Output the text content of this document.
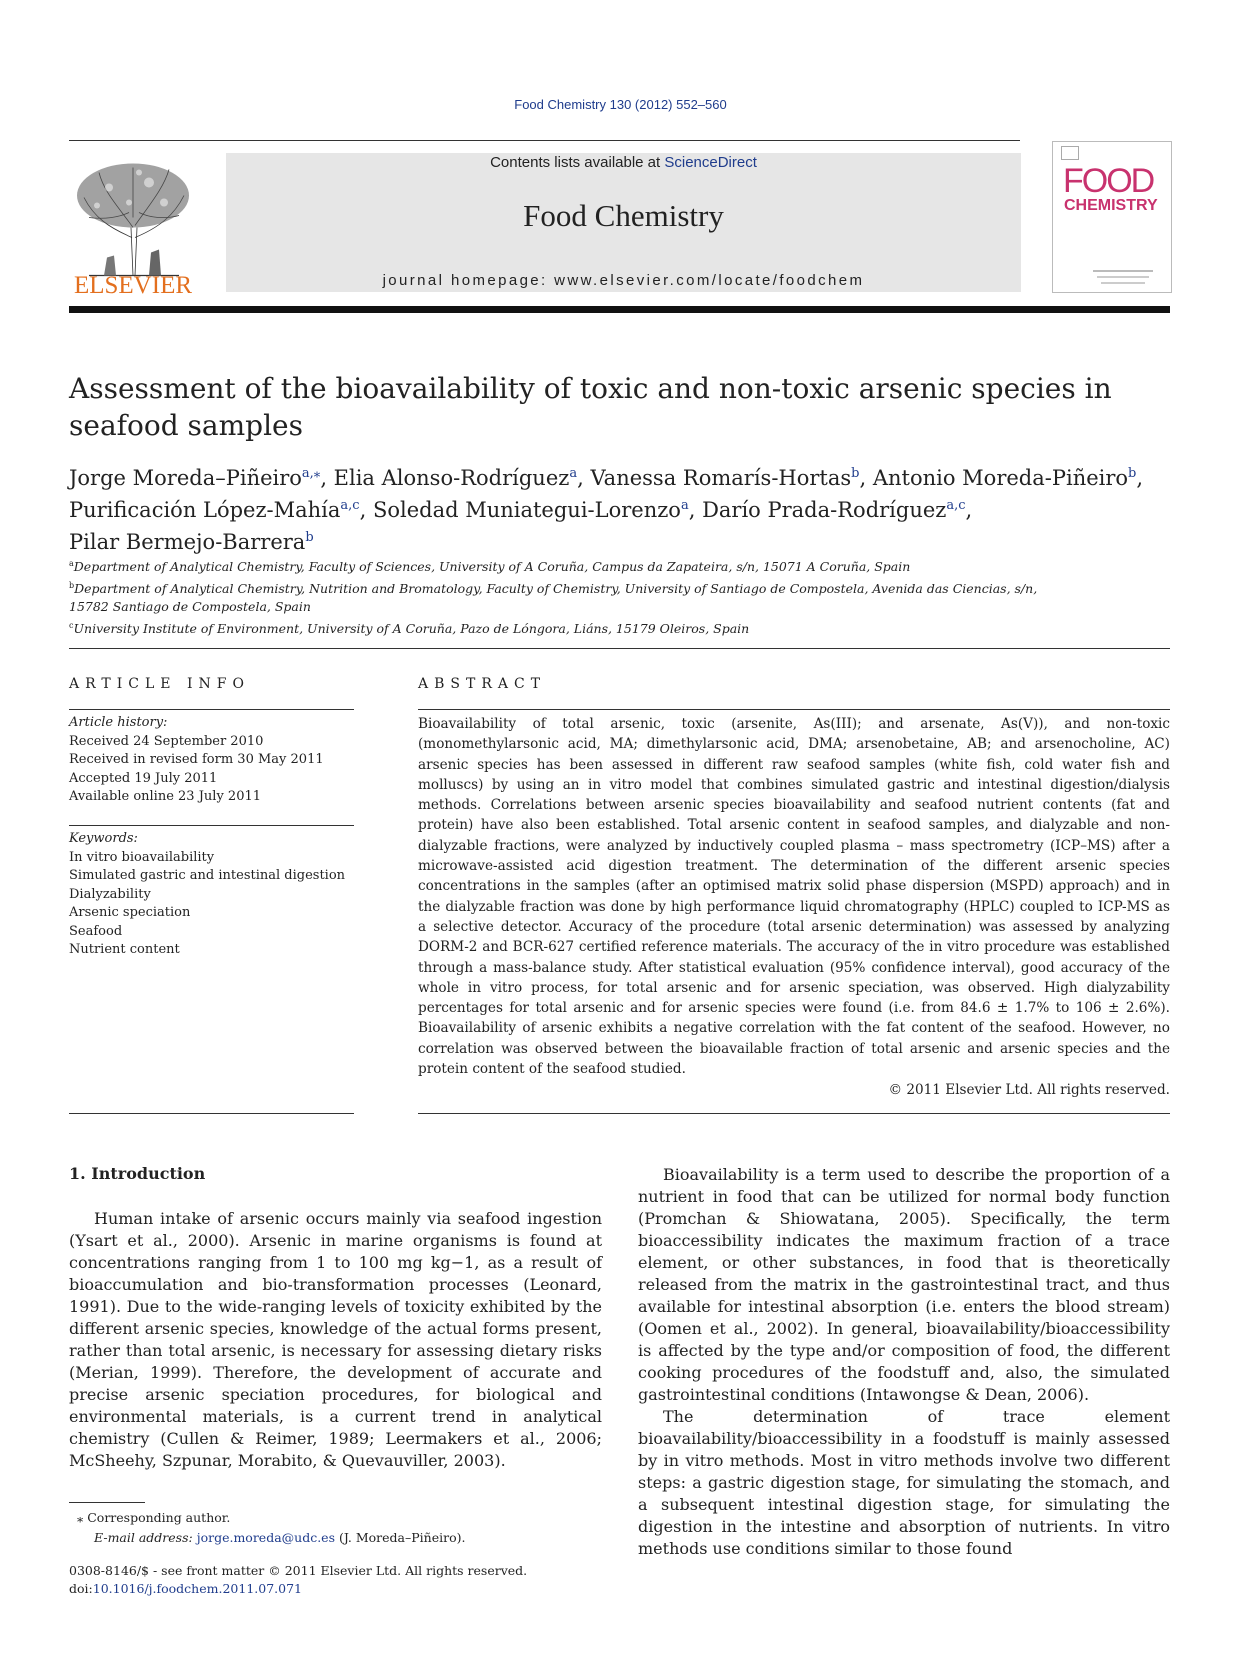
Food Chemistry 130 (2012) 552–560
ELSEVIER
Contents lists available at ScienceDirect
Food Chemistry
journal homepage: www.elsevier.com/locate/foodchem
FOOD
CHEMISTRY
Assessment of the bioavailability of toxic and non-toxic arsenic species in seafood samples
Jorge Moreda–Piñeiro$^{a,⁎}$, Elia Alonso-Rodríguez$^a$, Vanessa Romarís-Hortas$^b$, Antonio Moreda-Piñeiro$^b$,
Purificación López-Mahía$^{a,c}$, Soledad Muniategui-Lorenzo$^a$, Darío Prada-Rodríguez$^{a,c}$,
Pilar Bermejo-Barrera$^b$
$^a$Department of Analytical Chemistry, Faculty of Sciences, University of A Coruña, Campus da Zapateira, s/n, 15071 A Coruña, Spain
$^b$Department of Analytical Chemistry, Nutrition and Bromatology, Faculty of Chemistry, University of Santiago de Compostela, Avenida das Ciencias, s/n,
15782 Santiago de Compostela, Spain
$^c$University Institute of Environment, University of A Coruña, Pazo de Lóngora, Liáns, 15179 Oleiros, Spain
ARTICLE INFO
Article history:
Received 24 September 2010
Received in revised form 30 May 2011
Accepted 19 July 2011
Available online 23 July 2011
Keywords:
In vitro bioavailability
Simulated gastric and intestinal digestion
Dialyzability
Arsenic speciation
Seafood
Nutrient content
ABSTRACT

Bioavailability of total arsenic, toxic (arsenite, As(III); and arsenate, As(V)), and non-toxic (monomethylarsonic acid, MA; dimethylarsonic acid, DMA; arsenobetaine, AB; and arsenocholine, AC) arsenic species has been assessed in different raw seafood samples (white fish, cold water fish and molluscs) by using an in vitro model that combines simulated gastric and intestinal digestion/dialysis methods. Correlations between arsenic species bioavailability and seafood nutrient contents (fat and protein) have also been established. Total arsenic content in seafood samples, and dialyzable and non-dialyzable fractions, were analyzed by inductively coupled plasma – mass spectrometry (ICP–MS) after a microwave-assisted acid digestion treatment. The determination of the different arsenic species concentrations in the samples (after an optimised matrix solid phase dispersion (MSPD) approach) and in the dialyzable fraction was done by high performance liquid chromatography (HPLC) coupled to ICP-MS as a selective detector. Accuracy of the procedure (total arsenic determination) was assessed by analyzing DORM-2 and BCR-627 certified reference materials. The accuracy of the in vitro procedure was established through a mass-balance study. After statistical evaluation (95% confidence interval), good accuracy of the whole in vitro process, for total arsenic and for arsenic speciation, was observed. High dialyzability percentages for total arsenic and for arsenic species were found (i.e. from 84.6 ± 1.7% to 106 ± 2.6%). Bioavailability of arsenic exhibits a negative correlation with the fat content of the seafood. However, no correlation was observed between the bioavailable fraction of total arsenic and arsenic species and the protein content of the seafood studied.

© 2011 Elsevier Ltd. All rights reserved.
1. Introduction

Human intake of arsenic occurs mainly via seafood ingestion (Ysart et al., 2000). Arsenic in marine organisms is found at concentrations ranging from 1 to 100 mg kg−1, as a result of bioaccumulation and bio-transformation processes (Leonard, 1991). Due to the wide-ranging levels of toxicity exhibited by the different arsenic species, knowledge of the actual forms present, rather than total arsenic, is necessary for assessing dietary risks (Merian, 1999). Therefore, the development of accurate and precise arsenic speciation procedures, for biological and environmental materials, is a current trend in analytical chemistry (Cullen & Reimer, 1989; Leermakers et al., 2006; McSheehy, Szpunar, Morabito, & Quevauviller, 2003).

Bioavailability is a term used to describe the proportion of a nutrient in food that can be utilized for normal body function (Promchan & Shiowatana, 2005). Specifically, the term bioaccessibility indicates the maximum fraction of a trace element, or other substances, in food that is theoretically released from the matrix in the gastrointestinal tract, and thus available for intestinal absorption (i.e. enters the blood stream) (Oomen et al., 2002). In general, bioavailability/bioaccessibility is affected by the type and/or composition of food, the different cooking procedures of the foodstuff and, also, the simulated gastrointestinal conditions (Intawongse & Dean, 2006).

The determination of trace element bioavailability/bioaccessibility in a foodstuff is mainly assessed by in vitro methods. Most in vitro methods involve two different steps: a gastric digestion stage, for simulating the stomach, and a subsequent intestinal digestion stage, for simulating the digestion in the intestine and absorption of nutrients. In vitro methods use conditions similar to those found

⁎ Corresponding author.
E-mail address: jorge.moreda@udc.es (J. Moreda–Piñeiro).
0308-8146/$ - see front matter © 2011 Elsevier Ltd. All rights reserved.
doi:10.1016/j.foodchem.2011.07.071
